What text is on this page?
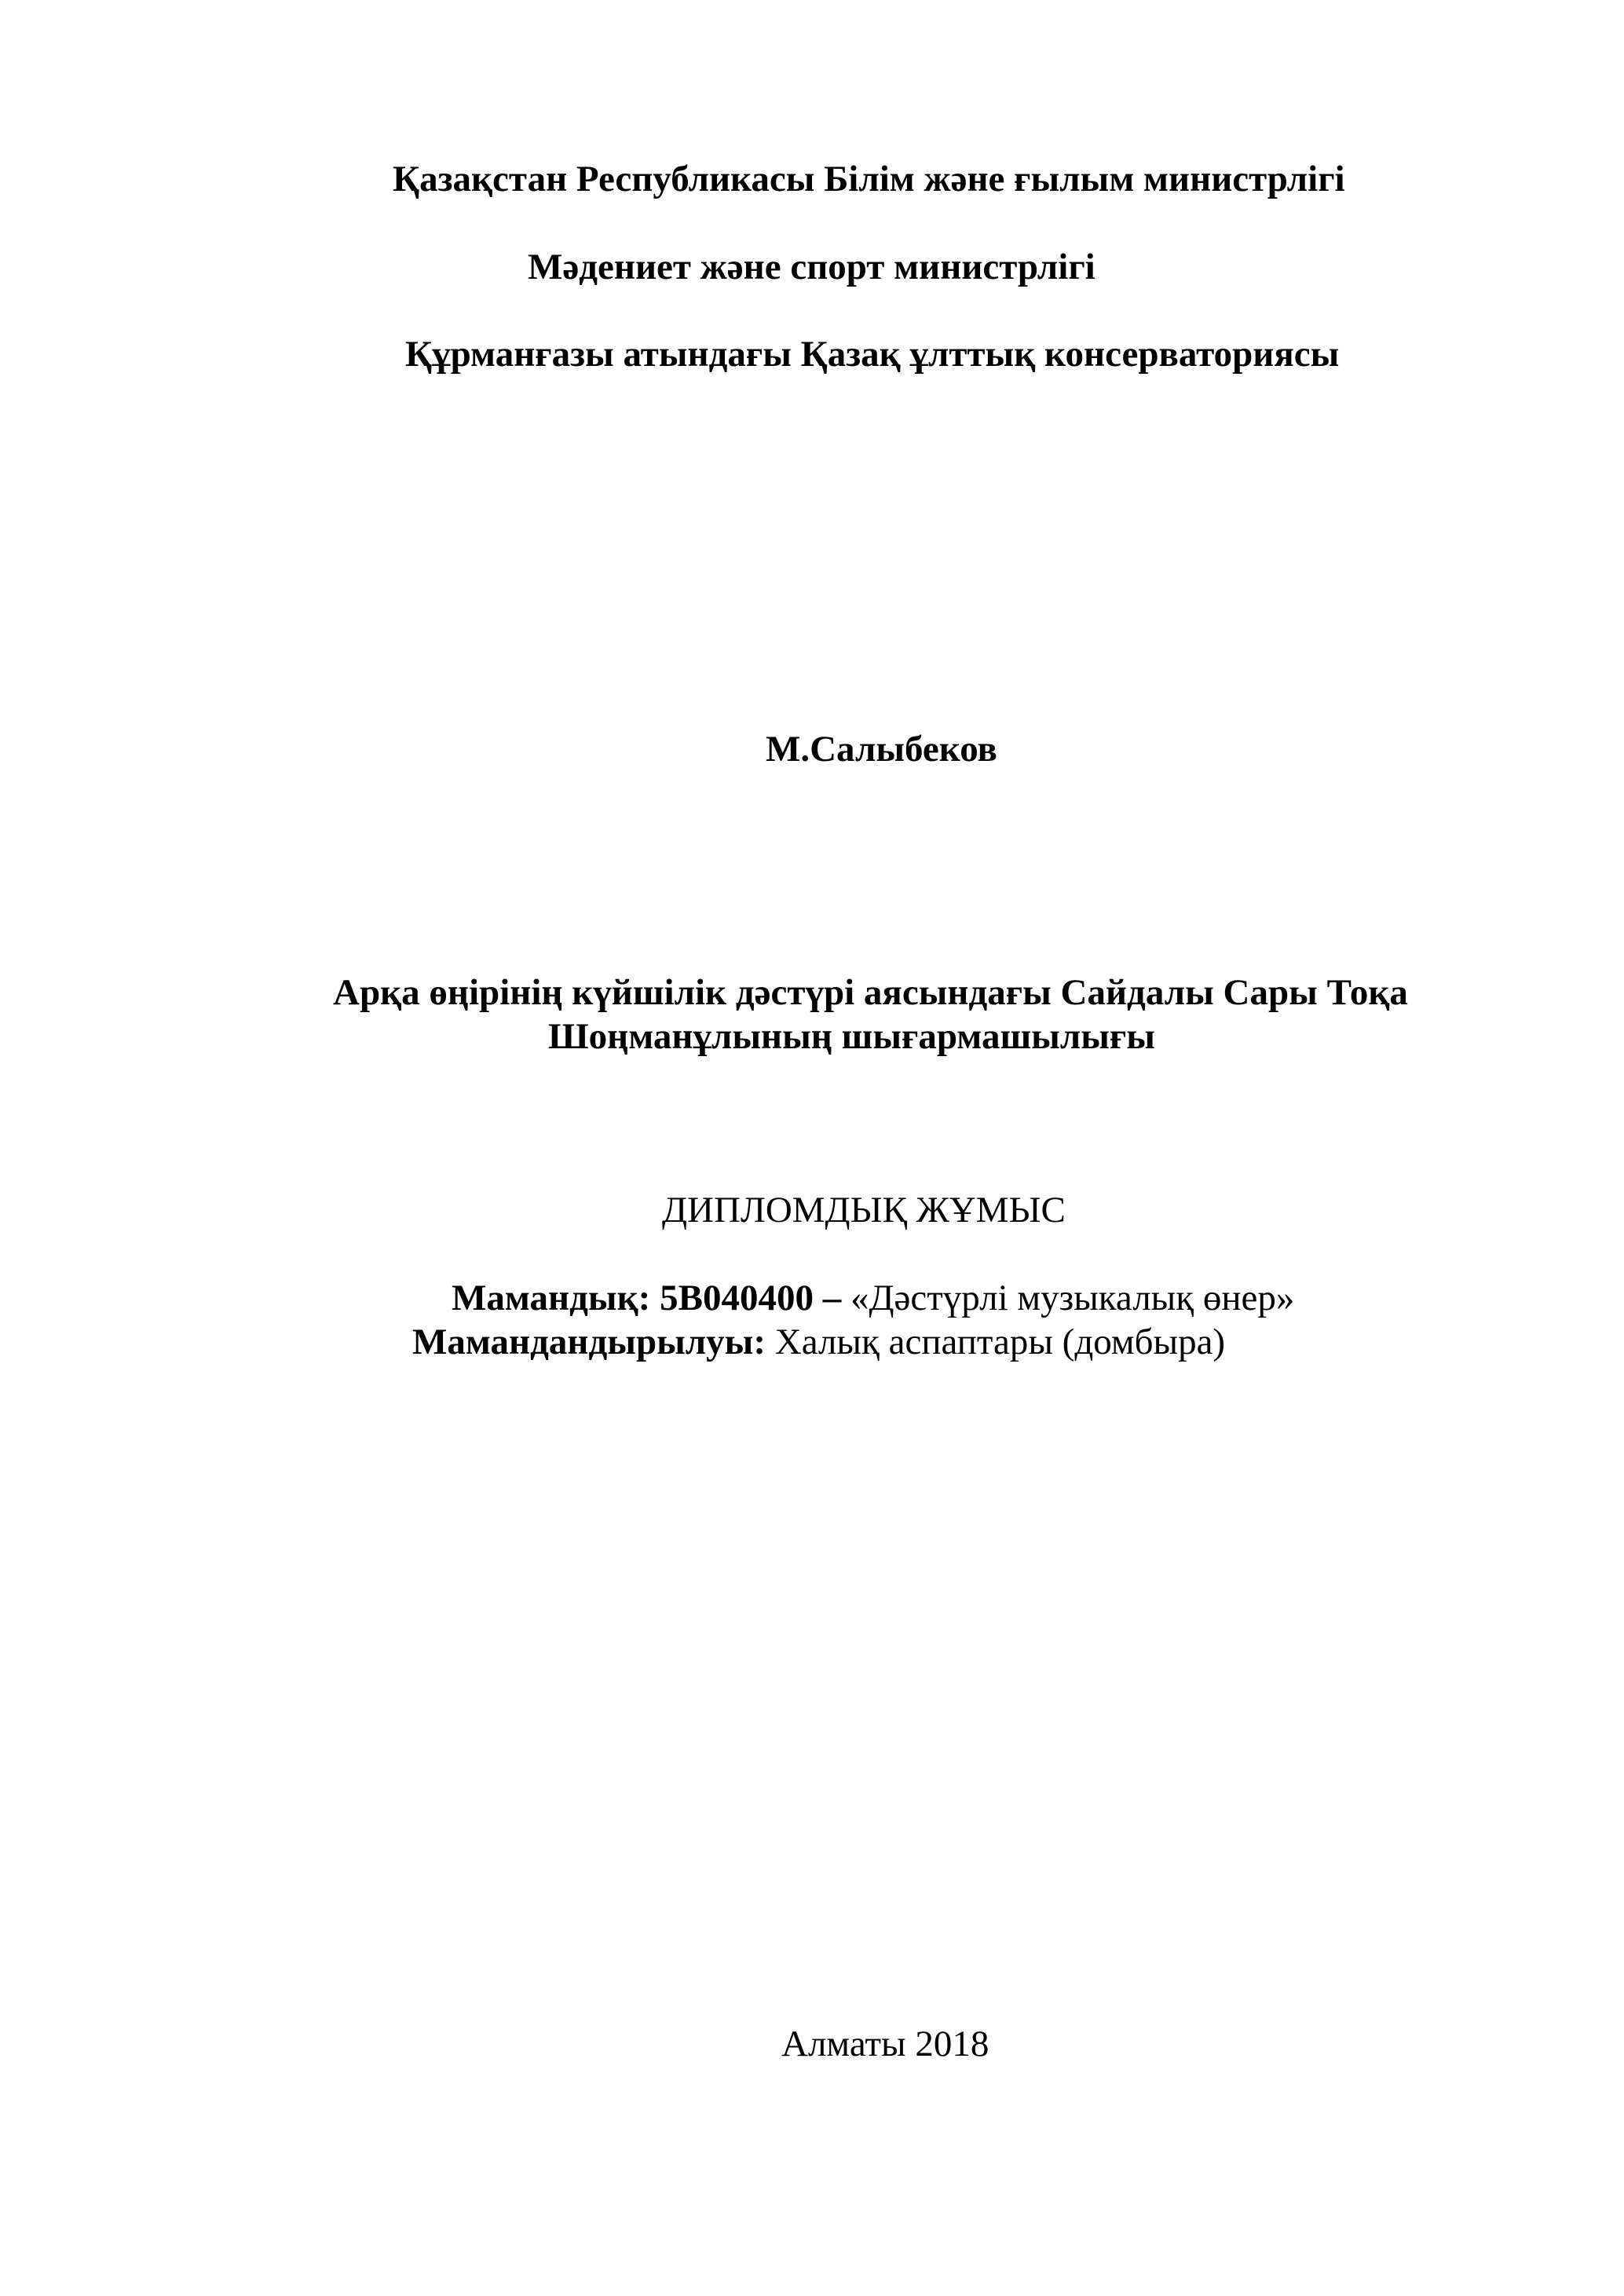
Қазақстан Республикасы Білім және ғылым министрлігі
Мәдениет және спорт министрлігі
Құрманғазы атындағы Қазақ ұлттық консерваториясы
М.Салыбеков
Арқа өңірінің күйшілік дәстүрі аясындағы Сайдалы Сары Тоқа
Шоңманұлының шығармашылығы
ДИПЛОМДЫҚ ЖҰМЫС
Мамандық: 5В040400 – «Дәстүрлі музыкалық өнер»
Мамандандырылуы: Халық аспаптары (домбыра)
Алматы 2018
